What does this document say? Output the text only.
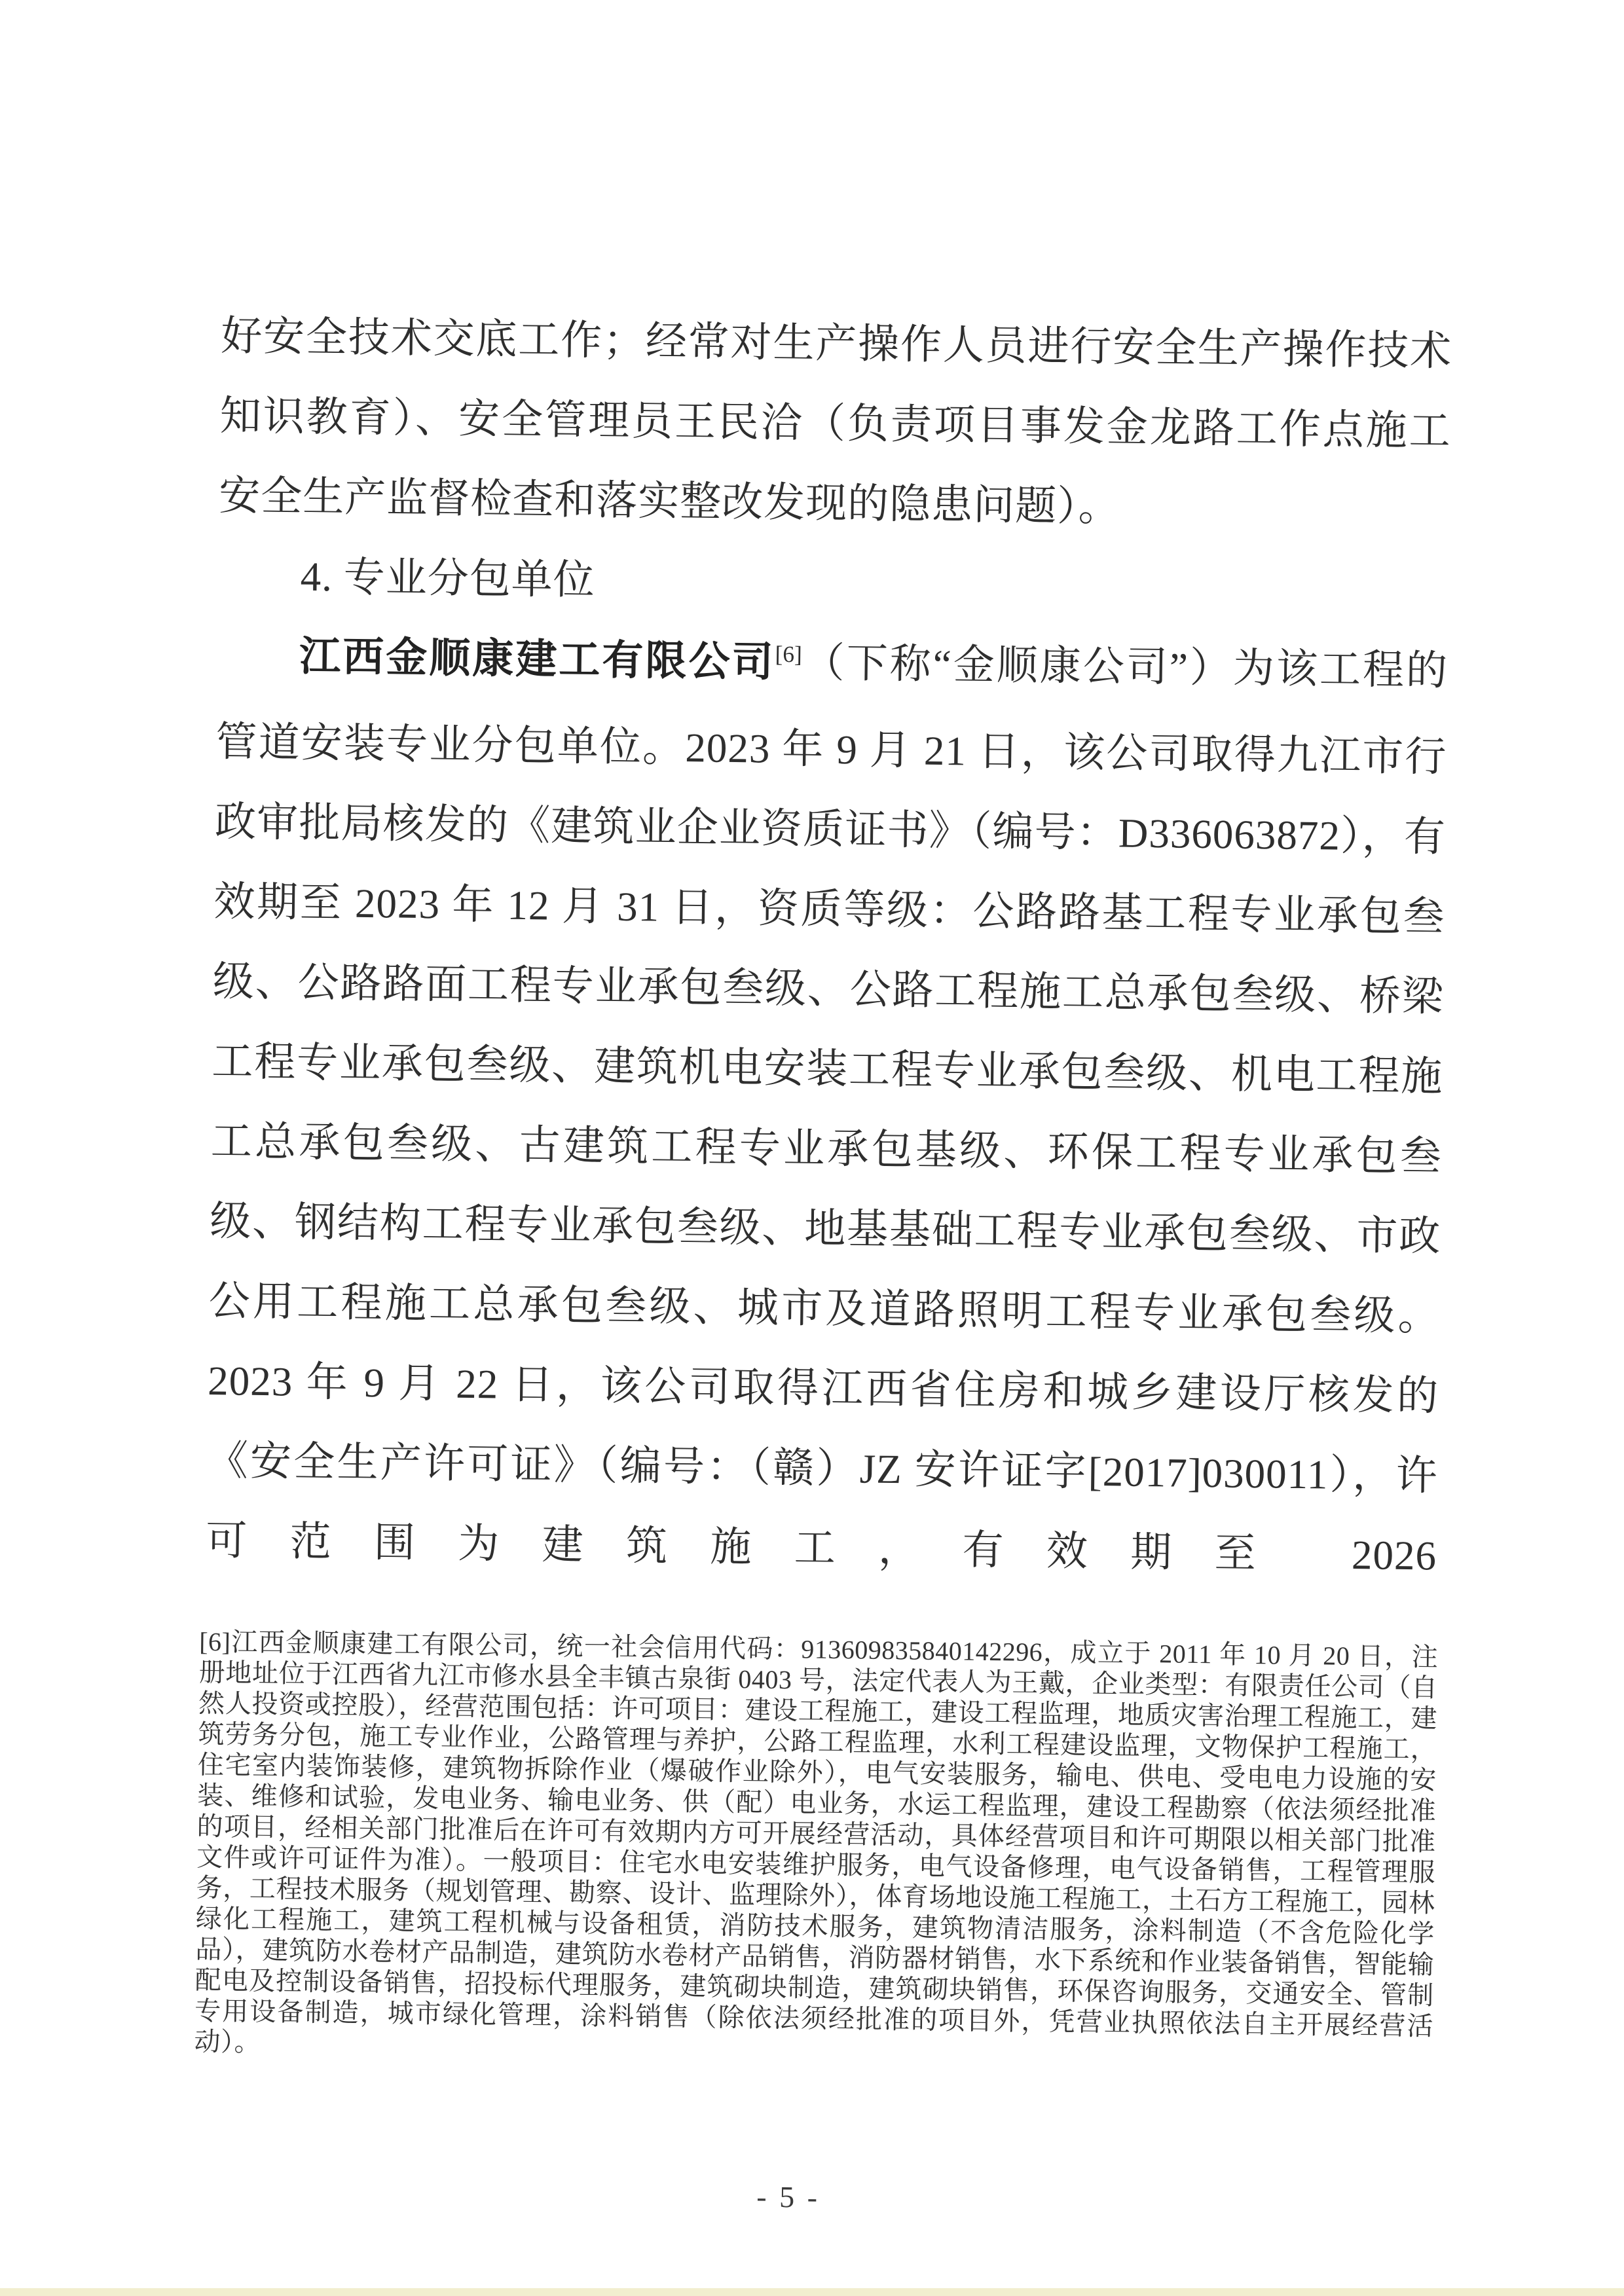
好安全技术交底工作；经常对生产操作人员进行安全生产操作技术知识教育）、安全管理员王民洽（负责项目事发金龙路工作点施工安全生产监督检查和落实整改发现的隐患问题）。

4. 专业分包单位

江西金顺康建工有限公司[6]（下称“金顺康公司”）为该工程的管道安装专业分包单位。2023 年 9 月 21 日，该公司取得九江市行政审批局核发的《建筑业企业资质证书》（编号：D336063872），有效期至 2023 年 12 月 31 日，资质等级：公路路基工程专业承包叁级、公路路面工程专业承包叁级、公路工程施工总承包叁级、桥梁工程专业承包叁级、建筑机电安装工程专业承包叁级、机电工程施工总承包叁级、古建筑工程专业承包基级、环保工程专业承包叁级、钢结构工程专业承包叁级、地基基础工程专业承包叁级、市政公用工程施工总承包叁级、城市及道路照明工程专业承包叁级。2023 年 9 月 22 日，该公司取得江西省住房和城乡建设厅核发的《安全生产许可证》（编号：（赣）JZ 安许证字[2017]030011），许可范围为建筑施工，有效期至 2026

[6]江西金顺康建工有限公司，统一社会信用代码：913609835840142296，成立于 2011 年 10 月 20 日，注册地址位于江西省九江市修水县全丰镇古泉街 0403 号，法定代表人为王戴，企业类型：有限责任公司（自然人投资或控股），经营范围包括：许可项目：建设工程施工，建设工程监理，地质灾害治理工程施工，建筑劳务分包，施工专业作业，公路管理与养护，公路工程监理，水利工程建设监理，文物保护工程施工，住宅室内装饰装修，建筑物拆除作业（爆破作业除外），电气安装服务，输电、供电、受电电力设施的安装、维修和试验，发电业务、输电业务、供（配）电业务，水运工程监理，建设工程勘察（依法须经批准的项目，经相关部门批准后在许可有效期内方可开展经营活动，具体经营项目和许可期限以相关部门批准文件或许可证件为准）。一般项目：住宅水电安装维护服务，电气设备修理，电气设备销售，工程管理服务，工程技术服务（规划管理、勘察、设计、监理除外），体育场地设施工程施工，土石方工程施工，园林绿化工程施工，建筑工程机械与设备租赁，消防技术服务，建筑物清洁服务，涂料制造（不含危险化学品），建筑防水卷材产品制造，建筑防水卷材产品销售，消防器材销售，水下系统和作业装备销售，智能输配电及控制设备销售，招投标代理服务，建筑砌块制造，建筑砌块销售，环保咨询服务，交通安全、管制专用设备制造，城市绿化管理，涂料销售（除依法须经批准的项目外，凭营业执照依法自主开展经营活动）。
- 5 -
